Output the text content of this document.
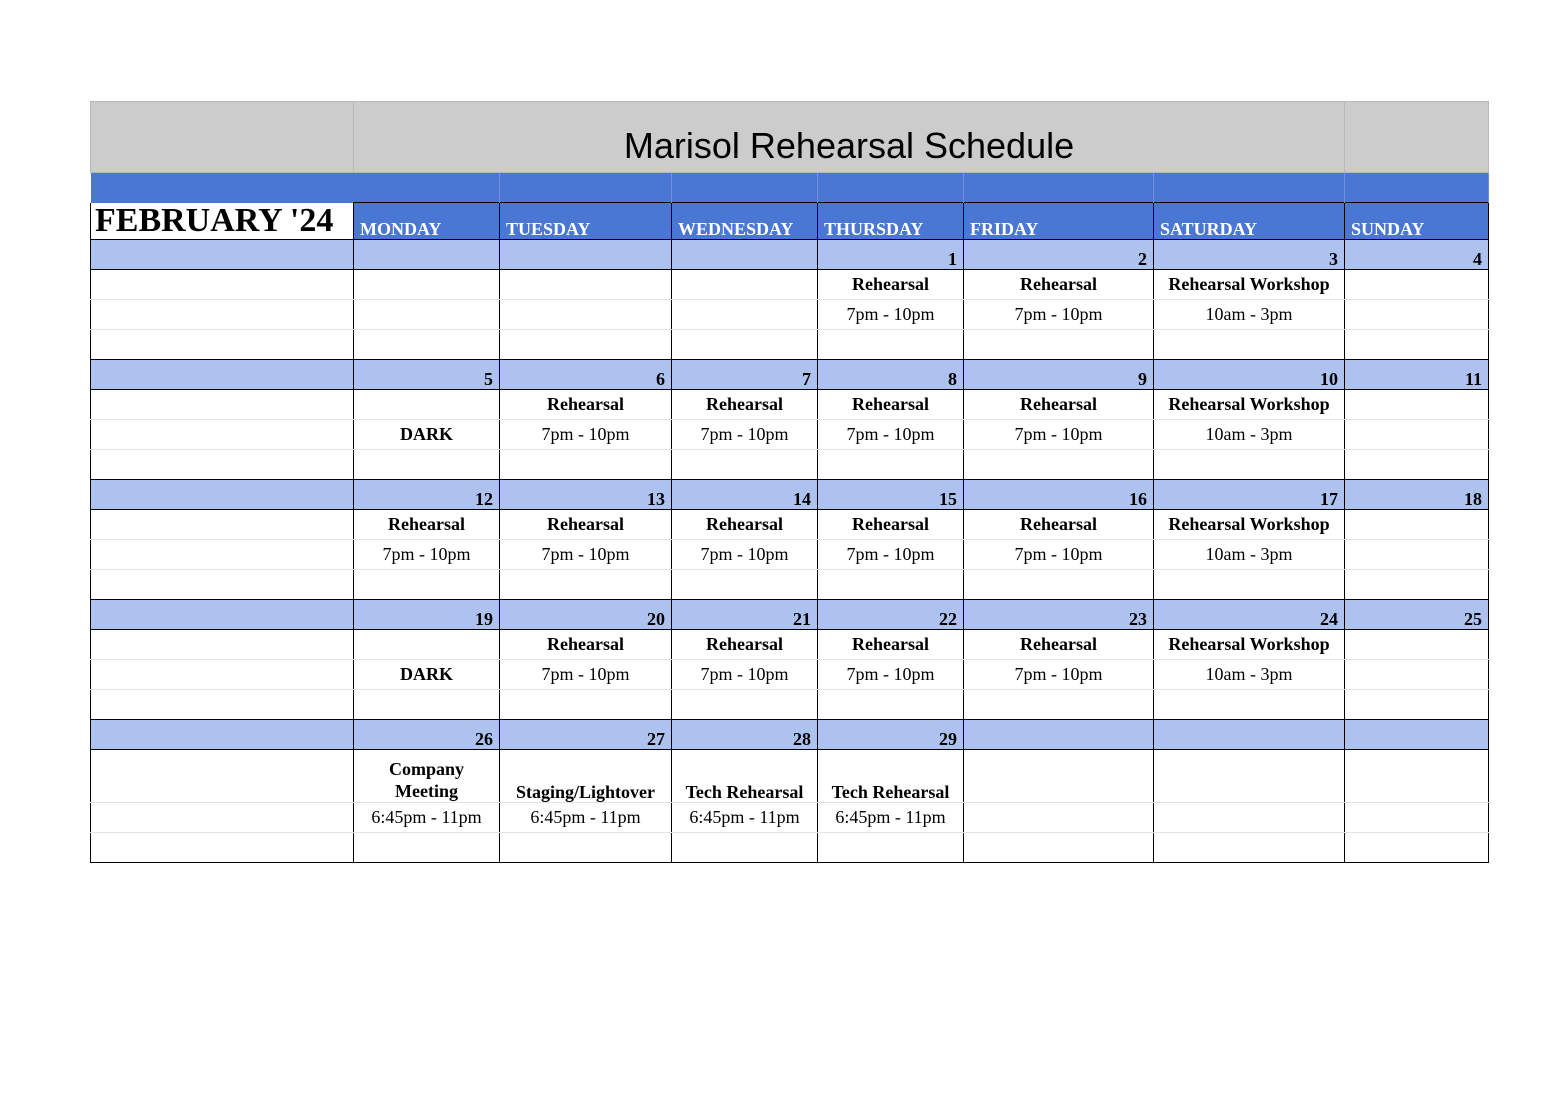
	Marisol Rehearsal Schedule						

FEBRUARY '24	MONDAY	TUESDAY	WEDNESDAY	THURSDAY	FRIDAY	SATURDAY	SUNDAY
				1	2	3	4
				Rehearsal	Rehearsal	Rehearsal Workshop	
				7pm - 10pm	7pm - 10pm	10am - 3pm	

	5	6	7	8	9	10	11
		Rehearsal	Rehearsal	Rehearsal	Rehearsal	Rehearsal Workshop	
	DARK	7pm - 10pm	7pm - 10pm	7pm - 10pm	7pm - 10pm	10am - 3pm	

	12	13	14	15	16	17	18
	Rehearsal	Rehearsal	Rehearsal	Rehearsal	Rehearsal	Rehearsal Workshop	
	7pm - 10pm	7pm - 10pm	7pm - 10pm	7pm - 10pm	7pm - 10pm	10am - 3pm	

	19	20	21	22	23	24	25
		Rehearsal	Rehearsal	Rehearsal	Rehearsal	Rehearsal Workshop	
	DARK	7pm - 10pm	7pm - 10pm	7pm - 10pm	7pm - 10pm	10am - 3pm	

	26	27	28	29			
	Company Meeting	Staging/Lightover	Tech Rehearsal	Tech Rehearsal			
	6:45pm - 11pm	6:45pm - 11pm	6:45pm - 11pm	6:45pm - 11pm			
